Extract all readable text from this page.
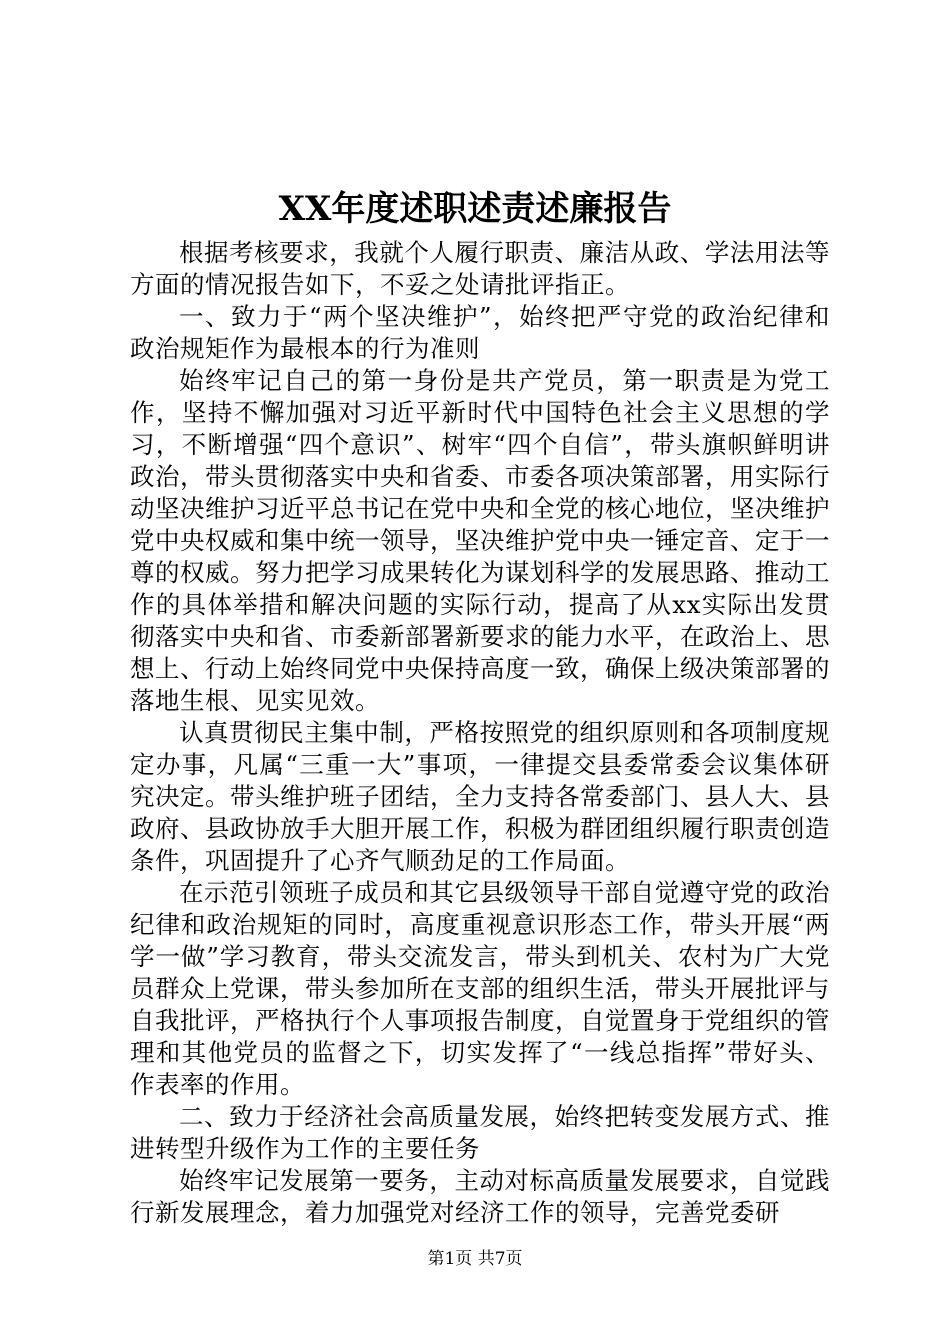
XX年度述职述责述廉报告

根据考核要求，我就个人履行职责、廉洁从政、学法用法等方面的情况报告如下，不妥之处请批评指正。

一、致力于“两个坚决维护”，始终把严守党的政治纪律和政治规矩作为最根本的行为准则

始终牢记自己的第一身份是共产党员，第一职责是为党工作，坚持不懈加强对习近平新时代中国特色社会主义思想的学习，不断增强“四个意识”、树牢“四个自信”，带头旗帜鲜明讲政治，带头贯彻落实中央和省委、市委各项决策部署，用实际行动坚决维护习近平总书记在党中央和全党的核心地位，坚决维护党中央权威和集中统一领导，坚决维护党中央一锤定音、定于一尊的权威。努力把学习成果转化为谋划科学的发展思路、推动工作的具体举措和解决问题的实际行动，提高了从xx实际出发贯彻落实中央和省、市委新部署新要求的能力水平，在政治上、思想上、行动上始终同党中央保持高度一致，确保上级决策部署的落地生根、见实见效。

认真贯彻民主集中制，严格按照党的组织原则和各项制度规定办事，凡属“三重一大”事项，一律提交县委常委会议集体研究决定。带头维护班子团结，全力支持各常委部门、县人大、县政府、县政协放手大胆开展工作，积极为群团组织履行职责创造条件，巩固提升了心齐气顺劲足的工作局面。

在示范引领班子成员和其它县级领导干部自觉遵守党的政治纪律和政治规矩的同时，高度重视意识形态工作，带头开展“两学一做”学习教育，带头交流发言，带头到机关、农村为广大党员群众上党课，带头参加所在支部的组织生活，带头开展批评与自我批评，严格执行个人事项报告制度，自觉置身于党组织的管理和其他党员的监督之下，切实发挥了“一线总指挥”带好头、作表率的作用。

二、致力于经济社会高质量发展，始终把转变发展方式、推进转型升级作为工作的主要任务

始终牢记发展第一要务，主动对标高质量发展要求，自觉践行新发展理念，着力加强党对经济工作的领导，完善党委研

第1页 共7页
